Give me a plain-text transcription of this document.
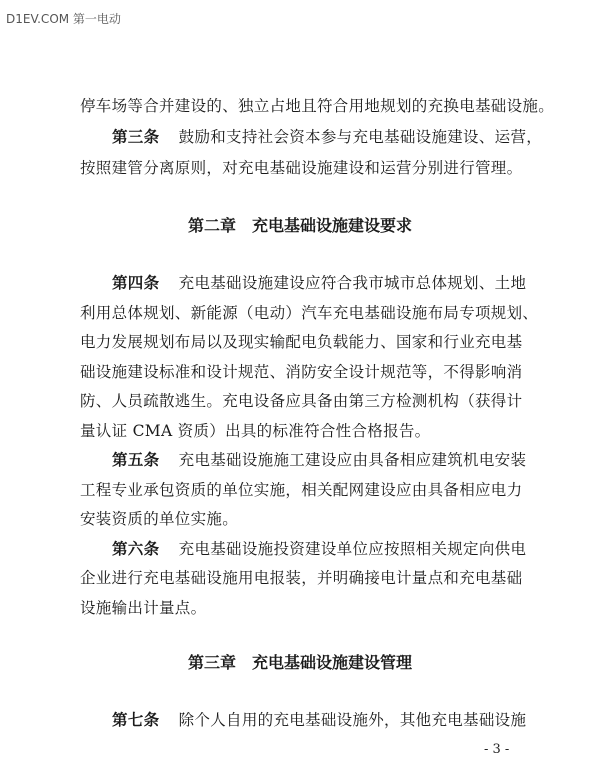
D1EV.COM 第一电动
停车场等合并建设的、独立占地且符合用地规划的充换电基础设施。
第三条 鼓励和支持社会资本参与充电基础设施建设、运营，
按照建管分离原则，对充电基础设施建设和运营分别进行管理。
第二章　充电基础设施建设要求
第四条 充电基础设施建设应符合我市城市总体规划、土地
利用总体规划、新能源（电动）汽车充电基础设施布局专项规划、
电力发展规划布局以及现实输配电负载能力、国家和行业充电基
础设施建设标准和设计规范、消防安全设计规范等，不得影响消
防、人员疏散逃生。充电设备应具备由第三方检测机构（获得计
量认证 CMA 资质）出具的标准符合性合格报告。
第五条 充电基础设施施工建设应由具备相应建筑机电安装
工程专业承包资质的单位实施，相关配网建设应由具备相应电力
安装资质的单位实施。
第六条 充电基础设施投资建设单位应按照相关规定向供电
企业进行充电基础设施用电报装，并明确接电计量点和充电基础
设施输出计量点。
第三章　充电基础设施建设管理
第七条 除个人自用的充电基础设施外，其他充电基础设施
- 3 -
